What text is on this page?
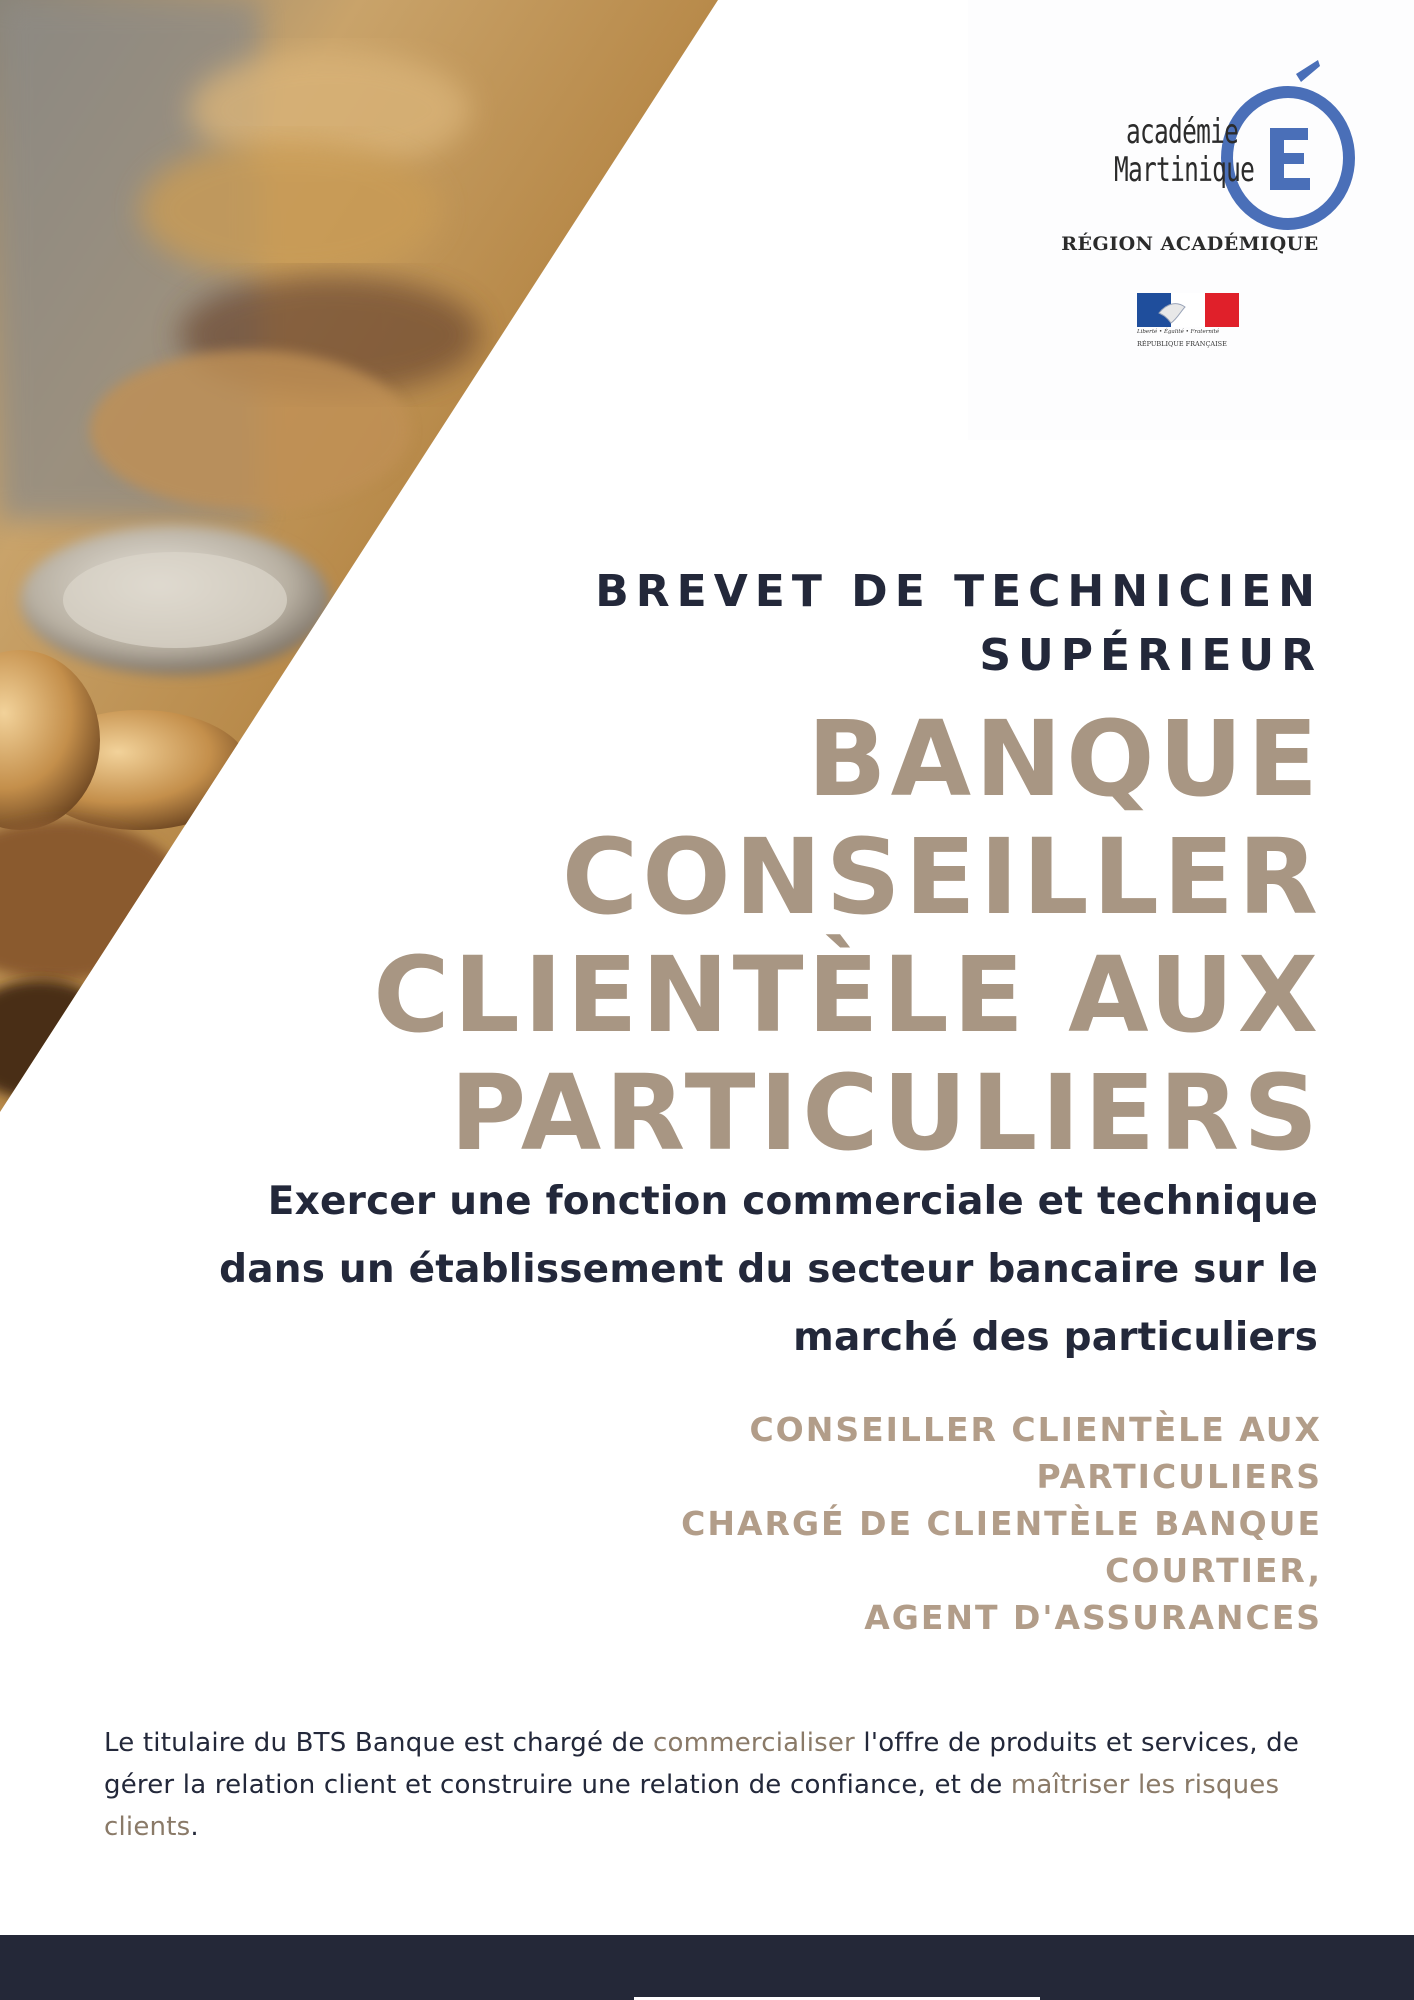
académie
Martinique
RÉGION ACADÉMIQUE
Liberté • Égalité • Fraternité
RÉPUBLIQUE FRANÇAISE
BREVET DE TECHNICIEN
SUPÉRIEUR
BANQUE
CONSEILLER
CLIENTÈLE AUX
PARTICULIERS
Exercer une fonction commerciale et technique
dans un établissement du secteur bancaire sur le
marché des particuliers
CONSEILLER CLIENTÈLE AUX
PARTICULIERS
CHARGÉ DE CLIENTÈLE BANQUE
COURTIER,
AGENT D'ASSURANCES
Le titulaire du BTS Banque est chargé de commercialiser l'offre de produits et services, de gérer la relation client et construire une relation de confiance, et de maîtriser les risques clients.
